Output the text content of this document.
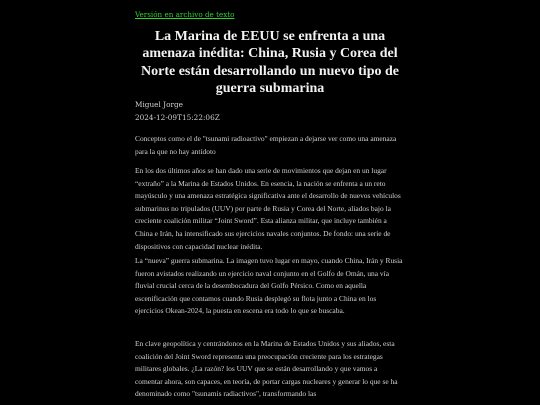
Versión en archivo de texto
La Marina de EEUU se enfrenta a una amenaza inédita: China, Rusia y Corea del Norte están desarrollando un nuevo tipo de guerra submarina
Miguel Jorge
2024-12-09T15:22:06Z

Conceptos como el de "tsunami radioactivo" empiezan a dejarse ver como una amenaza para la que no hay antídoto

En los dos últimos años se han dado una serie de movimientos que dejan en un lugar “extraño” a la Marina de Estados Unidos. En esencia, la nación se enfrenta a un reto mayúsculo y una amenaza estratégica significativa ante el desarrollo de nuevos vehículos submarinos no tripulados (UUV) por parte de Rusia y Corea del Norte, aliados bajo la creciente coalición militar “Joint Sword”. Esta alianza militar, que incluye también a China e Irán, ha intensificado sus ejercicios navales conjuntos. De fondo: una serie de dispositivos con capacidad nuclear inédita.

La “nueva” guerra submarina. La imagen tuvo lugar en mayo, cuando China, Irán y Rusia fueron avistados realizando un ejercicio naval conjunto en el Golfo de Omán, una vía fluvial crucial cerca de la desembocadura del Golfo Pérsico. Como en aquella escenificación que contamos cuando Rusia desplegó su flota junto a China en los ejercicios Okean-2024, la puesta en escena era todo lo que se buscaba.

En clave geopolítica y centrándonos en la Marina de Estados Unidos y sus aliados, esta coalición del Joint Sword representa una preocupación creciente para los estrategas militares globales. ¿La razón? los UUV que se están desarrollando y que vamos a comentar ahora, son capaces, en teoría, de portar cargas nucleares y generar lo que se ha denominado como "tsunamis radiactivos", transformando las
